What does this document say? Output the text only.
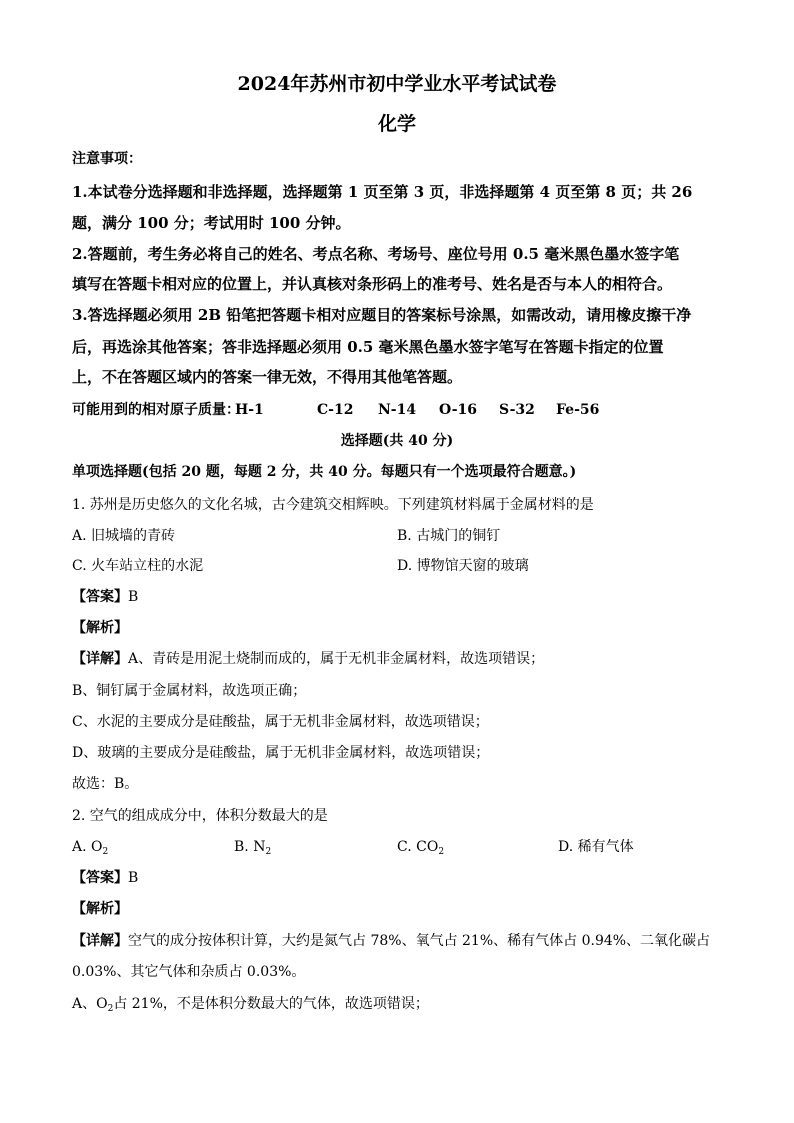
2024年苏州市初中学业水平考试试卷
化学
注意事项：
1.本试卷分选择题和非选择题，选择题第 1 页至第 3 页，非选择题第 4 页至第 8 页；共 26
题，满分 100 分；考试用时 100 分钟。
2.答题前，考生务必将自己的姓名、考点名称、考场号、座位号用 0.5 毫米黑色墨水签字笔
填写在答题卡相对应的位置上，并认真核对条形码上的准考号、姓名是否与本人的相符合。
3.答选择题必须用 2B 铅笔把答题卡相对应题目的答案标号涂黑，如需改动，请用橡皮擦干净
后，再选涂其他答案；答非选择题必须用 0.5 毫米黑色墨水签字笔写在答题卡指定的位置
上，不在答题区域内的答案一律无效，不得用其他笔答题。
可能用到的相对原子质量：
H-1	C-12 N-14 O-16 S-32 Fe-56
选择题(共 40 分)
单项选择题(包括 20 题，每题 2 分，共 40 分。每题只有一个选项最符合题意。)
1. 苏州是历史悠久的文化名城，古今建筑交相辉映。下列建筑材料属于金属材料的是
A. 旧城墙的青砖	B. 古城门的铜钉
C. 火车站立柱的水泥	D. 博物馆天窗的玻璃
【答案】B
【解析】
【详解】A、青砖是用泥土烧制而成的，属于无机非金属材料，故选项错误；
B、铜钉属于金属材料，故选项正确；
C、水泥的主要成分是硅酸盐，属于无机非金属材料，故选项错误；
D、玻璃的主要成分是硅酸盐，属于无机非金属材料，故选项错误；
故选：B。
2. 空气的组成成分中，体积分数最大的是
A. $O_2$	B. $N_2$	C. $CO_2$	D. 稀有气体
【答案】B
【解析】
【详解】空气的成分按体积计算，大约是氮气占 78%、氧气占 21%、稀有气体占 0.94%、二氧化碳占
0.03%、其它气体和杂质占 0.03%。
A、$O_2$占 21%，不是体积分数最大的气体，故选项错误；
